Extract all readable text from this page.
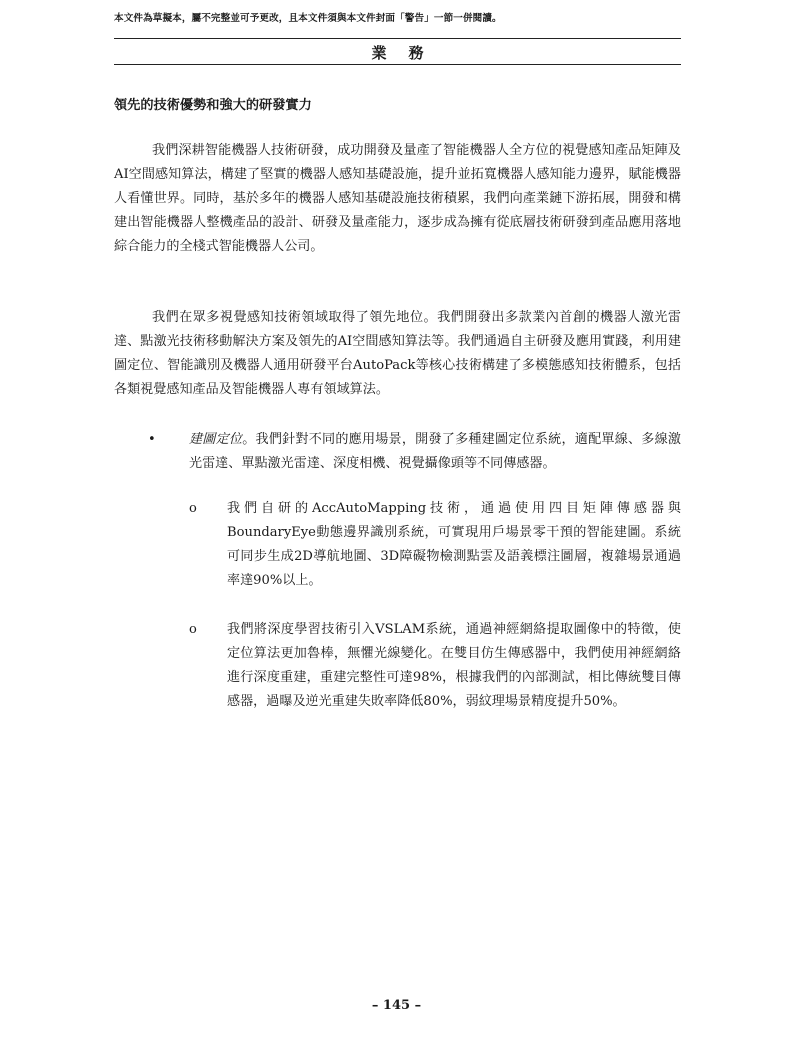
本文件為草擬本，屬不完整並可予更改，且本文件須與本文件封面「警告」一節一併閱讀。
業務
領先的技術優勢和強大的研發實力

我們深耕智能機器人技術研發，成功開發及量產了智能機器人全方位的視覺感知產品矩陣及AI空間感知算法，構建了堅實的機器人感知基礎設施，提升並拓寬機器人感知能力邊界，賦能機器人看懂世界。同時，基於多年的機器人感知基礎設施技術積累，我們向產業鏈下游拓展，開發和構建出智能機器人整機產品的設計、研發及量產能力，逐步成為擁有從底層技術研發到產品應用落地綜合能力的全棧式智能機器人公司。

我們在眾多視覺感知技術領域取得了領先地位。我們開發出多款業內首創的機器人激光雷達、點激光技術移動解決方案及領先的AI空間感知算法等。我們通過自主研發及應用實踐，利用建圖定位、智能識別及機器人通用研發平台AutoPack等核心技術構建了多模態感知技術體系，包括各類視覺感知產品及智能機器人專有領域算法。

•	建圖定位。我們針對不同的應用場景，開發了多種建圖定位系統，適配單線、多線激光雷達、單點激光雷達、深度相機、視覺攝像頭等不同傳感器。

o 我們自研的AccAutoMapping技術，通過使用四目矩陣傳感器與BoundaryEye動態邊界識別系統，可實現用戶場景零干預的智能建圖。系統可同步生成2D導航地圖、3D障礙物檢測點雲及語義標注圖層，複雜場景通過率達90%以上。

o 我們將深度學習技術引入VSLAM系統，通過神經網絡提取圖像中的特徵，使定位算法更加魯棒，無懼光線變化。在雙目仿生傳感器中，我們使用神經網絡進行深度重建，重建完整性可達98%，根據我們的內部測試，相比傳統雙目傳感器，過曝及逆光重建失敗率降低80%，弱紋理場景精度提升50%。

– 145 –
